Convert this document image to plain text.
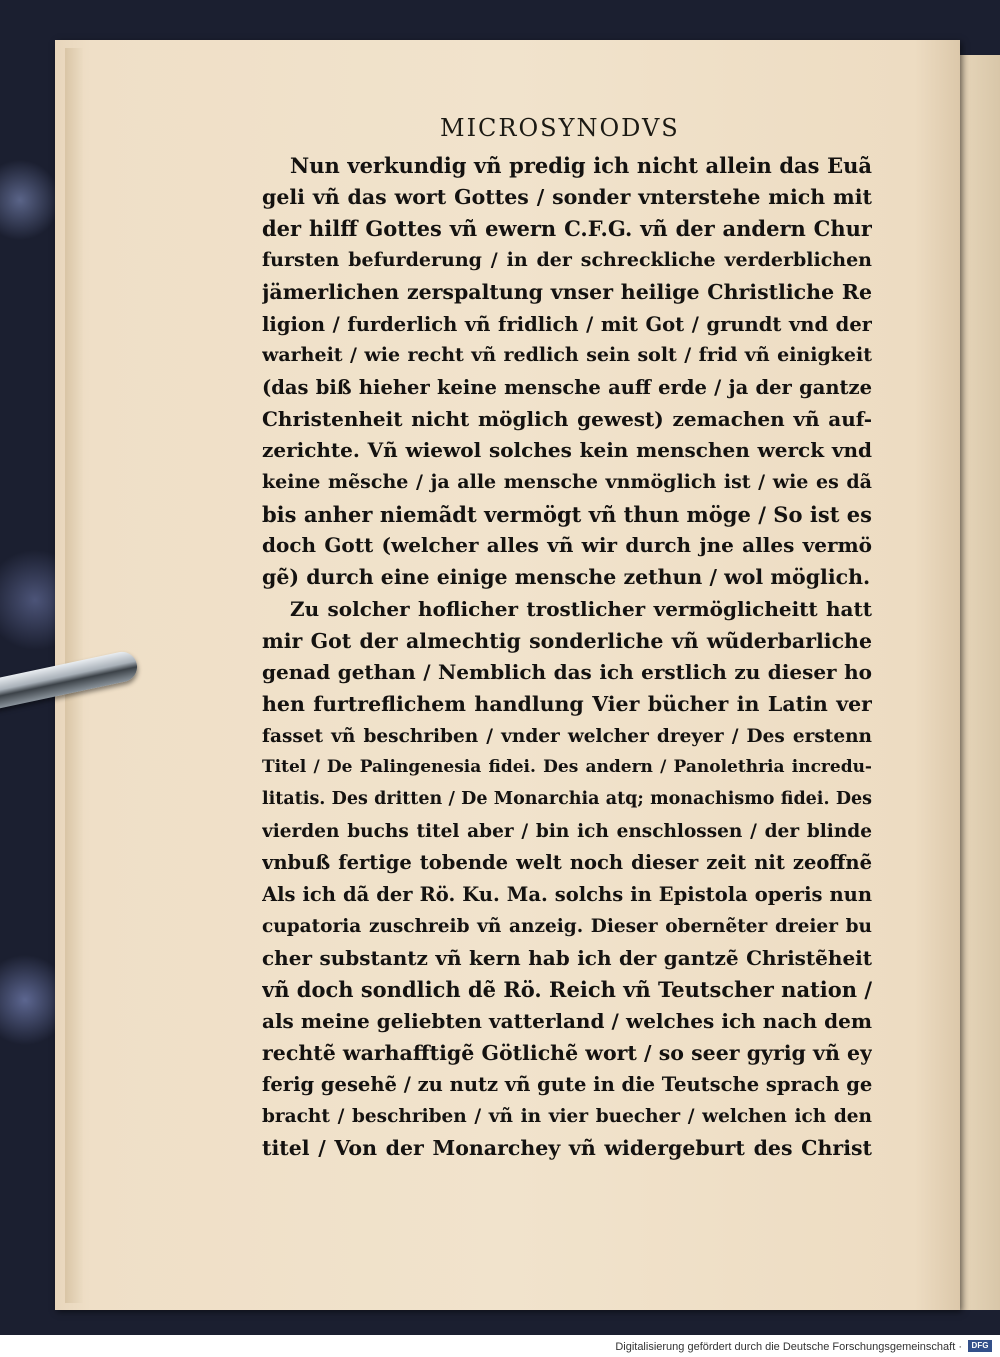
MICROSYNODVS
Nun verkundig vñ predig ich nicht allein das Euã
geli vñ das wort Gottes / sonder vnterstehe mich mit
der hilff Gottes vñ ewern C.F.G. vñ der andern Chur
fursten befurderung / in der schreckliche verderblichen
jämerlichen zerspaltung vnser heilige Christliche Re
ligion / furderlich vñ fridlich / mit Got / grundt vnd der
warheit / wie recht vñ redlich sein solt / frid vñ einigkeit
(das biß hieher keine mensche auff erde / ja der gantze
Christenheit nicht möglich gewest) zemachen vñ auf-
zerichte. Vñ wiewol solches kein menschen werck vnd
keine mẽsche / ja alle mensche vnmöglich ist / wie es dã
bis anher niemãdt vermögt vñ thun möge / So ist es
doch Gott (welcher alles vñ wir durch jne alles vermö
gẽ) durch eine einige mensche zethun / wol möglich.
Zu solcher hoflicher trostlicher vermöglicheitt hatt
mir Got der almechtig sonderliche vñ wũderbarliche
genad gethan / Nemblich das ich erstlich zu dieser ho
hen furtreflichem handlung Vier bücher in Latin ver
fasset vñ beschriben / vnder welcher dreyer / Des erstenn
Titel / De Palingenesia fidei. Des andern / Panolethria incredu-
litatis. Des dritten / De Monarchia atq; monachismo fidei. Des
vierden buchs titel aber / bin ich enschlossen / der blinde
vnbuß fertige tobende welt noch dieser zeit nit zeoffnẽ
Als ich dã der Rö. Ku. Ma. solchs in Epistola operis nun
cupatoria zuschreib vñ anzeig. Dieser obernẽter dreier bu
cher substantz vñ kern hab ich der gantzẽ Christẽheit
vñ doch sondlich dẽ Rö. Reich vñ Teutscher nation /
als meine geliebten vatterland / welches ich nach dem
rechtẽ warhafftigẽ Götlichẽ wort / so seer gyrig vñ ey
ferig gesehẽ / zu nutz vñ gute in die Teutsche sprach ge
bracht / beschriben / vñ in vier buecher / welchen ich den
titel / Von der Monarchey vñ widergeburt des Christ
Digitalisierung gefördert durch die Deutsche Forschungsgemeinschaft ·	DFG
